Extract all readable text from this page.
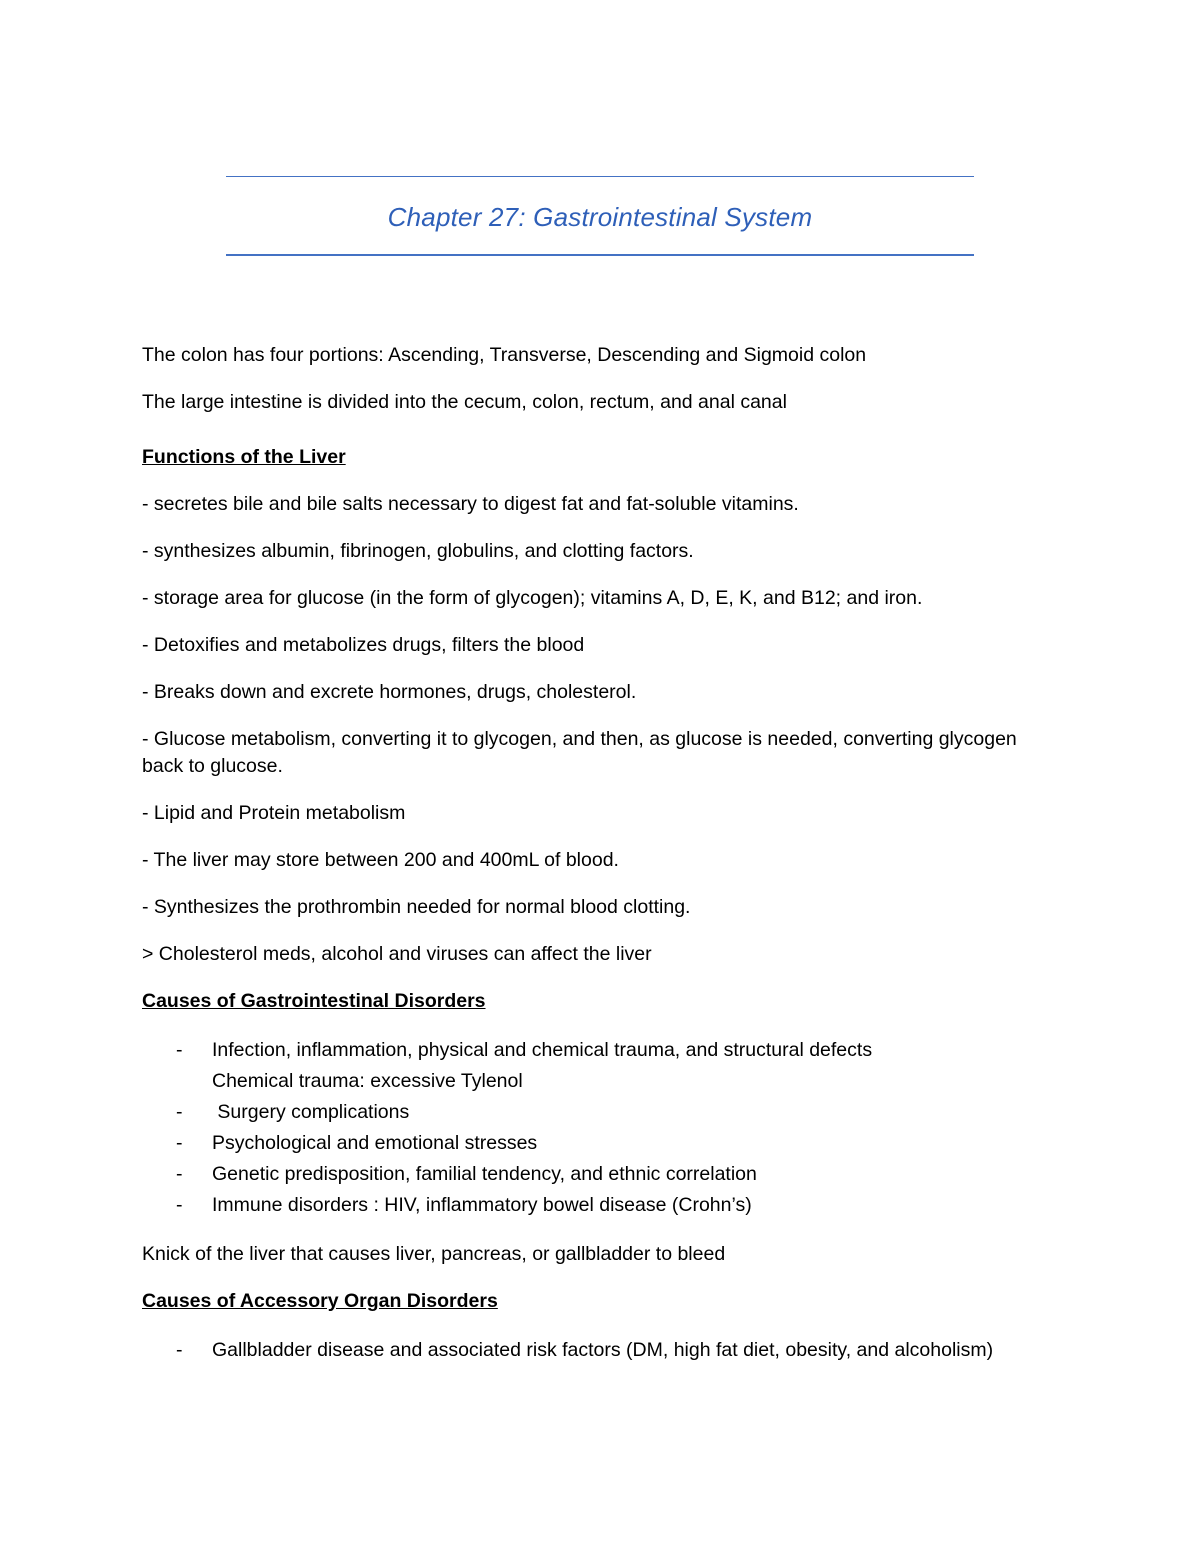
Chapter 27: Gastrointestinal System

The colon has four portions: Ascending, Transverse, Descending and Sigmoid colon

The large intestine is divided into the cecum, colon, rectum, and anal canal

Functions of the Liver

- secretes bile and bile salts necessary to digest fat and fat-soluble vitamins.

- synthesizes albumin, fibrinogen, globulins, and clotting factors.

- storage area for glucose (in the form of glycogen); vitamins A, D, E, K, and B12; and iron.

- Detoxifies and metabolizes drugs, filters the blood

- Breaks down and excrete hormones, drugs, cholesterol.

- Glucose metabolism, converting it to glycogen, and then, as glucose is needed, converting glycogen back to glucose.

- Lipid and Protein metabolism

- The liver may store between 200 and 400mL of blood.

- Synthesizes the prothrombin needed for normal blood clotting.

> Cholesterol meds, alcohol and viruses can affect the liver

Causes of Gastrointestinal Disorders

- Infection, inflammation, physical and chemical trauma, and structural defects
Chemical trauma: excessive Tylenol
- Surgery complications
- Psychological and emotional stresses
- Genetic predisposition, familial tendency, and ethnic correlation
- Immune disorders : HIV, inflammatory bowel disease (Crohn’s)

Knick of the liver that causes liver, pancreas, or gallbladder to bleed

Causes of Accessory Organ Disorders

- Gallbladder disease and associated risk factors (DM, high fat diet, obesity, and alcoholism)
